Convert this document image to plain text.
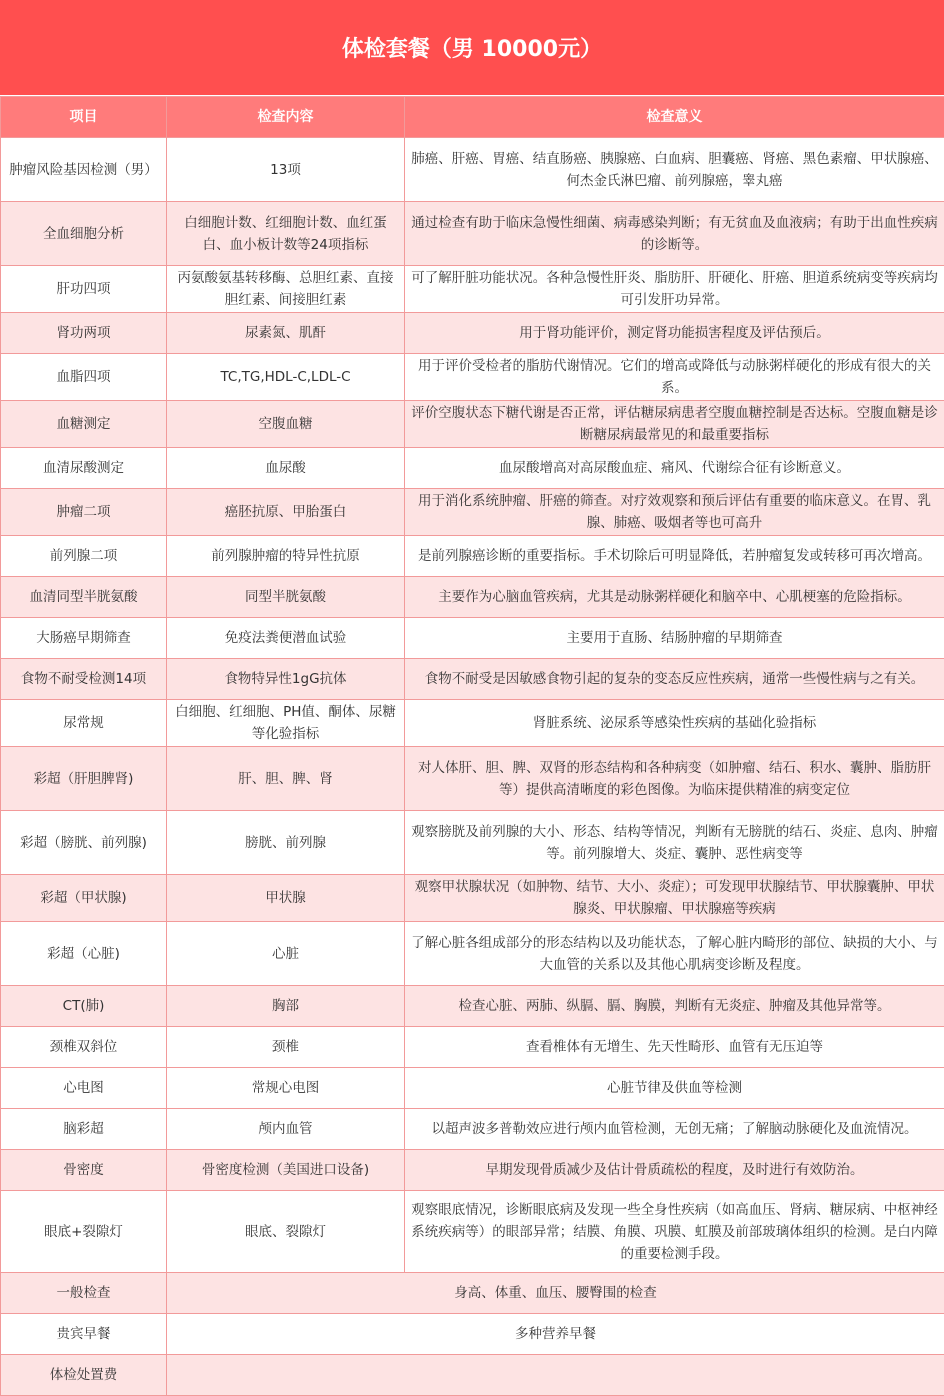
体检套餐（男 10000元）
项目	检查内容	检查意义
肿瘤风险基因检测（男）	13项	肺癌、肝癌、胃癌、结直肠癌、胰腺癌、白血病、胆囊癌、肾癌、黑色素瘤、甲状腺癌、何杰金氏淋巴瘤、前列腺癌，睾丸癌
全血细胞分析	白细胞计数、红细胞计数、血红蛋白、血小板计数等24项指标	通过检查有助于临床急慢性细菌、病毒感染判断；有无贫血及血液病；有助于出血性疾病的诊断等。
肝功四项	丙氨酸氨基转移酶、总胆红素、直接胆红素、间接胆红素	可了解肝脏功能状况。各种急慢性肝炎、脂肪肝、肝硬化、肝癌、胆道系统病变等疾病均可引发肝功异常。
肾功两项	尿素氮、肌酐	用于肾功能评价，测定肾功能损害程度及评估预后。
血脂四项	TC,TG,HDL-C,LDL-C	用于评价受检者的脂肪代谢情况。它们的增高或降低与动脉粥样硬化的形成有很大的关系。
血糖测定	空腹血糖	评价空腹状态下糖代谢是否正常，评估糖尿病患者空腹血糖控制是否达标。空腹血糖是诊断糖尿病最常见的和最重要指标
血清尿酸测定	血尿酸	血尿酸增高对高尿酸血症、痛风、代谢综合征有诊断意义。
肿瘤二项	癌胚抗原、甲胎蛋白	用于消化系统肿瘤、肝癌的筛查。对疗效观察和预后评估有重要的临床意义。在胃、乳腺、肺癌、吸烟者等也可高升
前列腺二项	前列腺肿瘤的特异性抗原	是前列腺癌诊断的重要指标。手术切除后可明显降低，若肿瘤复发或转移可再次增高。
血清同型半胱氨酸	同型半胱氨酸	主要作为心脑血管疾病，尤其是动脉粥样硬化和脑卒中、心肌梗塞的危险指标。
大肠癌早期筛查	免疫法粪便潜血试验	主要用于直肠、结肠肿瘤的早期筛查
食物不耐受检测14项	食物特异性1gG抗体	食物不耐受是因敏感食物引起的复杂的变态反应性疾病，通常一些慢性病与之有关。
尿常规	白细胞、红细胞、PH值、酮体、尿糖等化验指标	肾脏系统、泌尿系等感染性疾病的基础化验指标
彩超（肝胆脾肾)	肝、胆、脾、肾	对人体肝、胆、脾、双肾的形态结构和各种病变（如肿瘤、结石、积水、囊肿、脂肪肝等）提供高清晰度的彩色图像。为临床提供精准的病变定位
彩超（膀胱、前列腺)	膀胱、前列腺	观察膀胱及前列腺的大小、形态、结构等情况，判断有无膀胱的结石、炎症、息肉、肿瘤等。前列腺增大、炎症、囊肿、恶性病变等
彩超（甲状腺)	甲状腺	观察甲状腺状况（如肿物、结节、大小、炎症）；可发现甲状腺结节、甲状腺囊肿、甲状腺炎、甲状腺瘤、甲状腺癌等疾病
彩超（心脏)	心脏	了解心脏各组成部分的形态结构以及功能状态，了解心脏内畸形的部位、缺损的大小、与大血管的关系以及其他心肌病变诊断及程度。
CT(肺)	胸部	检查心脏、两肺、纵膈、膈、胸膜，判断有无炎症、肿瘤及其他异常等。
颈椎双斜位	颈椎	查看椎体有无增生、先天性畸形、血管有无压迫等
心电图	常规心电图	心脏节律及供血等检测
脑彩超	颅内血管	以超声波多普勒效应进行颅内血管检测，无创无痛；了解脑动脉硬化及血流情况。
骨密度	骨密度检测（美国进口设备)	早期发现骨质减少及估计骨质疏松的程度，及时进行有效防治。
眼底+裂隙灯	眼底、裂隙灯	观察眼底情况，诊断眼底病及发现一些全身性疾病（如高血压、肾病、糖尿病、中枢神经系统疾病等）的眼部异常；结膜、角膜、巩膜、虹膜及前部玻璃体组织的检测。是白内障的重要检测手段。
一般检查	身高、体重、血压、腰臀围的检查	
贵宾早餐	多种营养早餐	
体检处置费		
